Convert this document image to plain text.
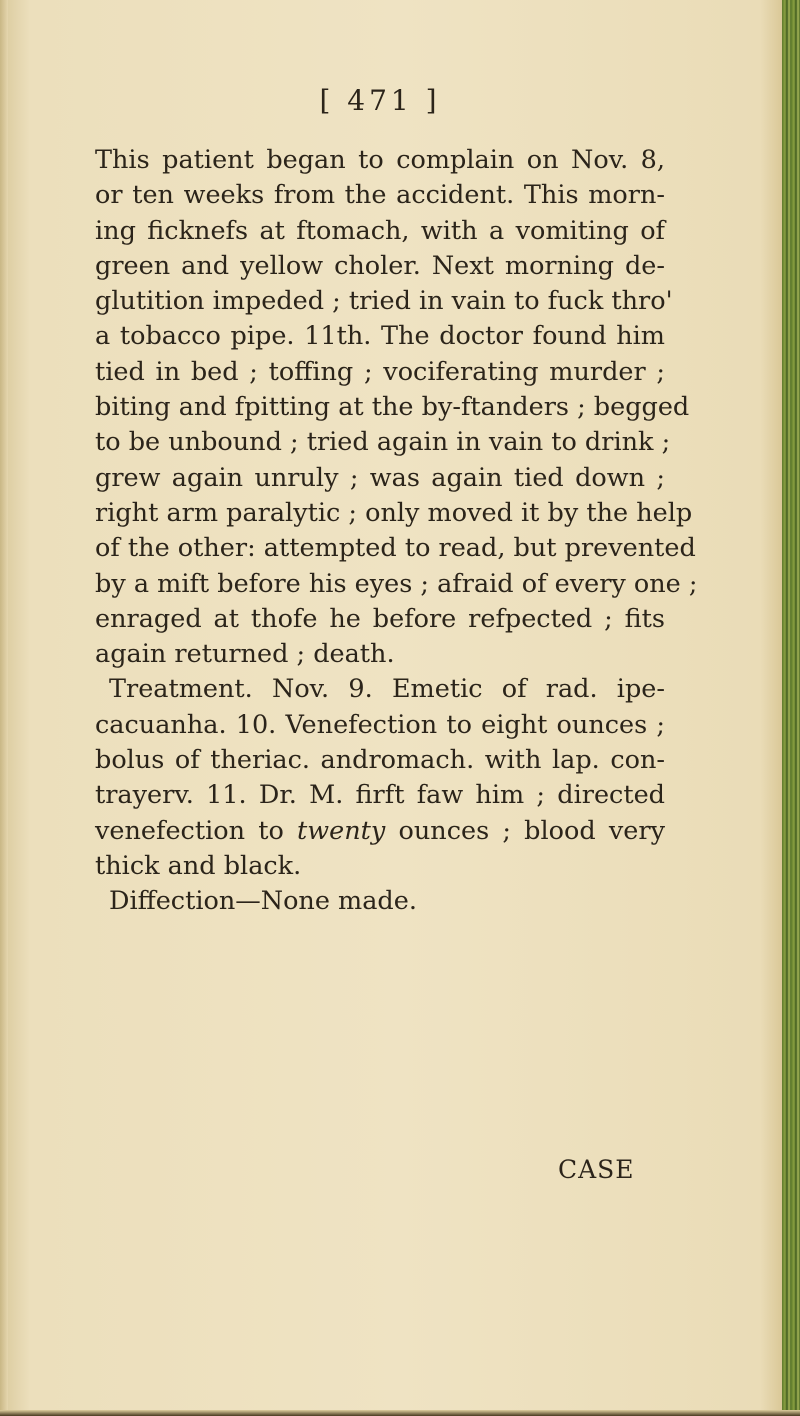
[ 471 ]
This patient began to complain on Nov. 8,
or ten weeks from the accident. This morn-
ing ficknefs at ftomach, with a vomiting of
green and yellow choler. Next morning de-
glutition impeded ; tried in vain to fuck thro'
a tobacco pipe. 11th. The doctor found him
tied in bed ; toffing ; vociferating murder ;
biting and fpitting at the by-ftanders ; begged
to be unbound ; tried again in vain to drink ;
grew again unruly ; was again tied down ;
right arm paralytic ; only moved it by the help
of the other: attempted to read, but prevented
by a mift before his eyes ; afraid of every one ;
enraged at thofe he before refpected ; fits
again returned ; death.
Treatment. Nov. 9. Emetic of rad. ipe-
cacuanha. 10. Venefection to eight ounces ;
bolus of theriac. andromach. with lap. con-
trayerv. 11. Dr. M. firft faw him ; directed
venefection to twenty ounces ; blood very
thick and black.
Diffection—None made.
CASE
